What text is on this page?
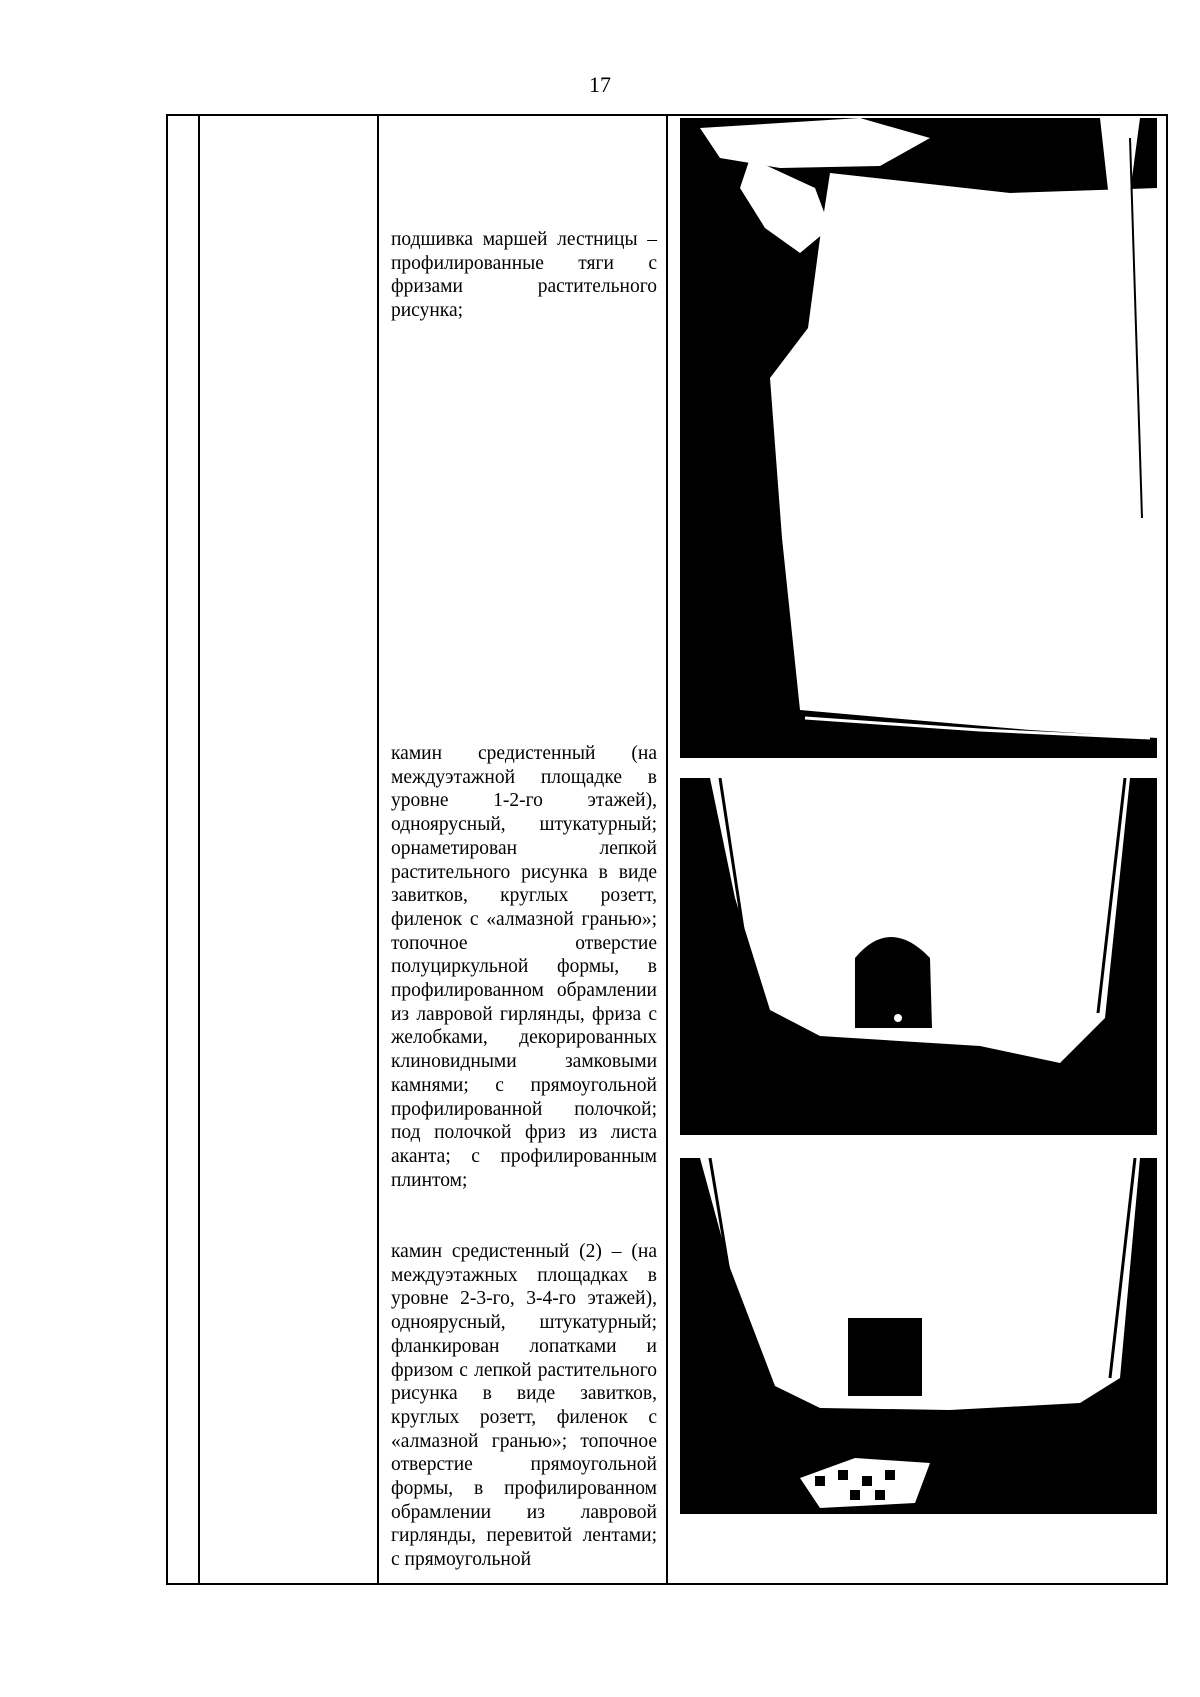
17

подшивка маршей лестницы – профилированные тяги с фризами растительного рисунка;

камин средистенный (на междуэтажной площадке в уровне 1-2-го этажей), одноярусный, штукатурный; орнаметирован лепкой растительного рисунка в виде завитков, круглых розетт, филенок с «алмазной гранью»; топочное отверстие полуциркульной формы, в профилированном обрамлении из лавровой гирлянды, фриза с желобками, декорированных клиновидными замковыми камнями; с прямоугольной профилированной полочкой; под полочкой фриз из листа аканта; с профилированным плинтом;

камин средистенный (2) – (на междуэтажных площадках в уровне 2-3-го, 3-4-го этажей), одноярусный, штукатурный; фланкирован лопатками и фризом с лепкой растительного рисунка в виде завитков, круглых розетт, филенок с «алмазной гранью»; топочное отверстие прямоугольной формы, в профилированном обрамлении из лавровой гирлянды, перевитой лентами; с прямоугольной
